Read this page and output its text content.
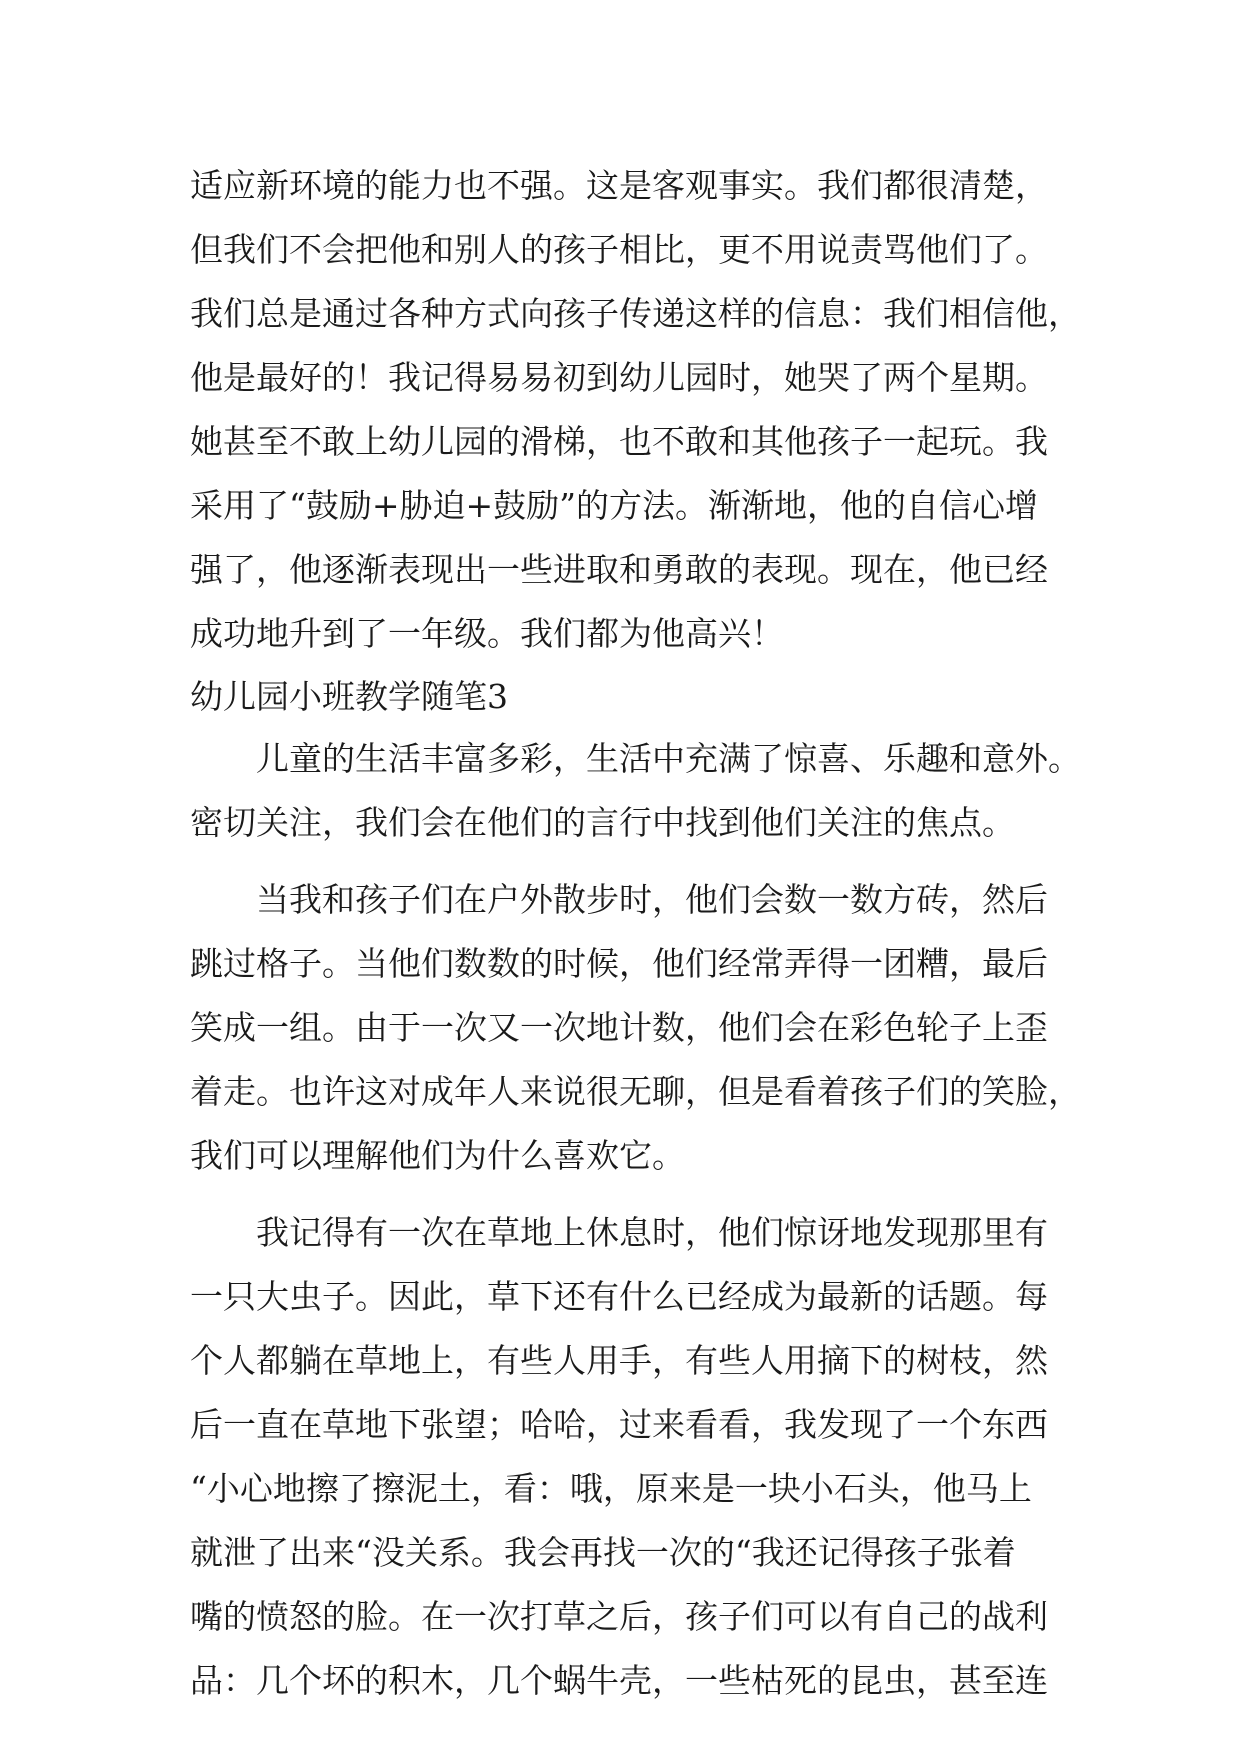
适应新环境的能力也不强。这是客观事实。我们都很清楚，
但我们不会把他和别人的孩子相比，更不用说责骂他们了。
我们总是通过各种方式向孩子传递这样的信息：我们相信他，
他是最好的！我记得易易初到幼儿园时，她哭了两个星期。
她甚至不敢上幼儿园的滑梯，也不敢和其他孩子一起玩。我
采用了“鼓励+胁迫+鼓励”的方法。渐渐地，他的自信心增
强了，他逐渐表现出一些进取和勇敢的表现。现在，他已经
成功地升到了一年级。我们都为他高兴！
幼儿园小班教学随笔3
儿童的生活丰富多彩，生活中充满了惊喜、乐趣和意外。
密切关注，我们会在他们的言行中找到他们关注的焦点。
当我和孩子们在户外散步时，他们会数一数方砖，然后
跳过格子。当他们数数的时候，他们经常弄得一团糟，最后
笑成一组。由于一次又一次地计数，他们会在彩色轮子上歪
着走。也许这对成年人来说很无聊，但是看着孩子们的笑脸，
我们可以理解他们为什么喜欢它。
我记得有一次在草地上休息时，他们惊讶地发现那里有
一只大虫子。因此，草下还有什么已经成为最新的话题。每
个人都躺在草地上，有些人用手，有些人用摘下的树枝，然
后一直在草地下张望；哈哈，过来看看，我发现了一个东西
“小心地擦了擦泥土，看：哦，原来是一块小石头，他马上
就泄了出来“没关系。我会再找一次的“我还记得孩子张着
嘴的愤怒的脸。在一次打草之后，孩子们可以有自己的战利
品：几个坏的积木，几个蜗牛壳，一些枯死的昆虫，甚至连
